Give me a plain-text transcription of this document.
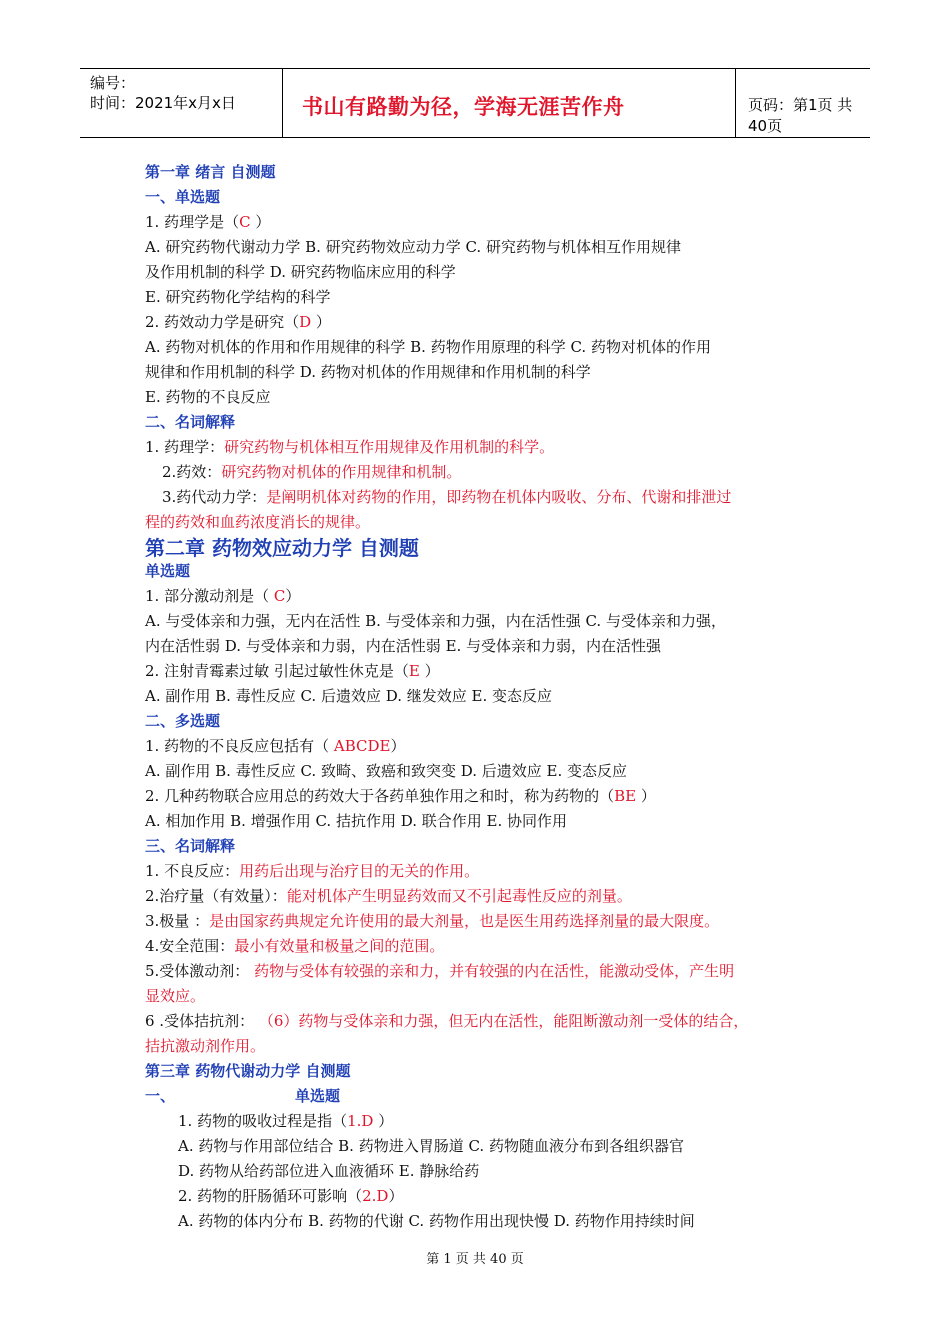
编号：
时间：2021年x月x日	书山有路勤为径，学海无涯苦作舟	页码：第1页 共40页
第一章 绪言 自测题
一、单选题
1. 药理学是（C ）
A. 研究药物代谢动力学 B. 研究药物效应动力学 C. 研究药物与机体相互作用规律
及作用机制的科学 D. 研究药物临床应用的科学
E. 研究药物化学结构的科学
2. 药效动力学是研究（D ）
A. 药物对机体的作用和作用规律的科学 B. 药物作用原理的科学 C. 药物对机体的作用
规律和作用机制的科学 D. 药物对机体的作用规律和作用机制的科学
E. 药物的不良反应
二、名词解释
1. 药理学：研究药物与机体相互作用规律及作用机制的科学。
2.药效：研究药物对机体的作用规律和机制。
3.药代动力学：是阐明机体对药物的作用，即药物在机体内吸收、分布、代谢和排泄过
程的药效和血药浓度消长的规律。
第二章 药物效应动力学 自测题
单选题
1. 部分激动剂是（ C）
A. 与受体亲和力强，无内在活性 B. 与受体亲和力强，内在活性强 C. 与受体亲和力强，
内在活性弱 D. 与受体亲和力弱，内在活性弱 E. 与受体亲和力弱，内在活性强
2. 注射青霉素过敏 引起过敏性休克是（E ）
A. 副作用 B. 毒性反应 C. 后遗效应 D. 继发效应 E. 变态反应
二、多选题
1. 药物的不良反应包括有（ ABCDE）
A. 副作用 B. 毒性反应 C. 致畸、致癌和致突变 D. 后遗效应 E. 变态反应
2. 几种药物联合应用总的药效大于各药单独作用之和时，称为药物的（BE ）
A. 相加作用 B. 增强作用 C. 拮抗作用 D. 联合作用 E. 协同作用
三、名词解释
1. 不良反应：用药后出现与治疗目的无关的作用。
2.治疗量（有效量）：能对机体产生明显药效而又不引起毒性反应的剂量。
3.极量 ：是由国家药典规定允许使用的最大剂量，也是医生用药选择剂量的最大限度。
4.安全范围：最小有效量和极量之间的范围。
5.受体激动剂： 药物与受体有较强的亲和力，并有较强的内在活性，能激动受体，产生明
显效应。
6 .受体拮抗剂： （6）药物与受体亲和力强，但无内在活性，能阻断激动剂一受体的结合，
拮抗激动剂作用。
第三章 药物代谢动力学 自测题
一、	单选题
1. 药物的吸收过程是指（1.D ）
A. 药物与作用部位结合 B. 药物进入胃肠道 C. 药物随血液分布到各组织器官
D. 药物从给药部位进入血液循环 E. 静脉给药
2. 药物的肝肠循环可影响（2.D）
A. 药物的体内分布 B. 药物的代谢 C. 药物作用出现快慢 D. 药物作用持续时间
第 1 页 共 40 页
